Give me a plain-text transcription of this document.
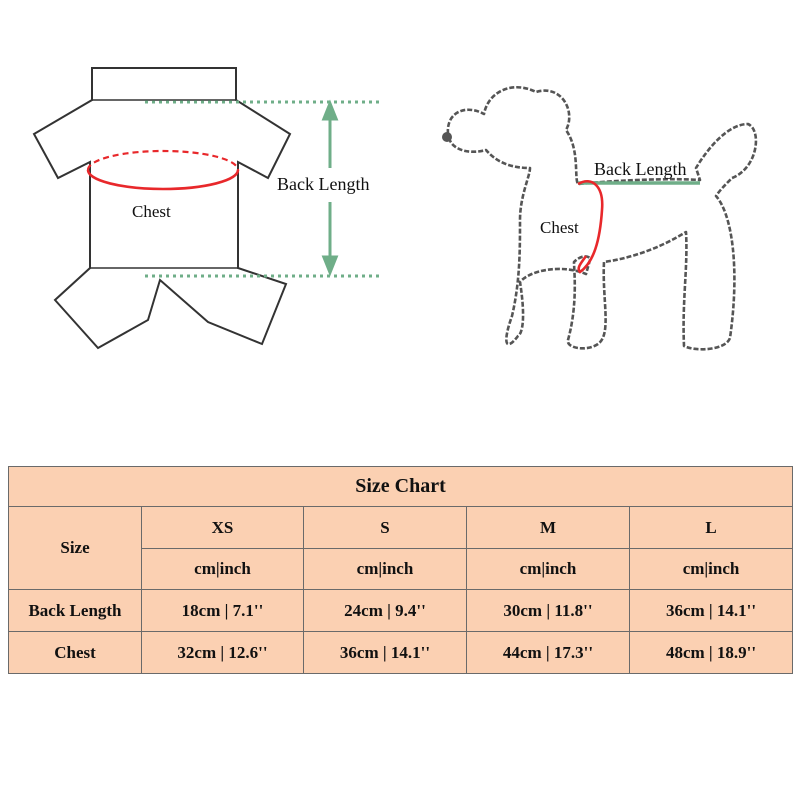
Chest
Back Length
Back Length
Chest
Size Chart				
Size	XS	S	M	L
	cm|inch	cm|inch	cm|inch	cm|inch
Back Length	18cm | 7.1''	24cm | 9.4''	30cm | 11.8''	36cm | 14.1''
Chest	32cm | 12.6''	36cm | 14.1''	44cm | 17.3''	48cm | 18.9''
